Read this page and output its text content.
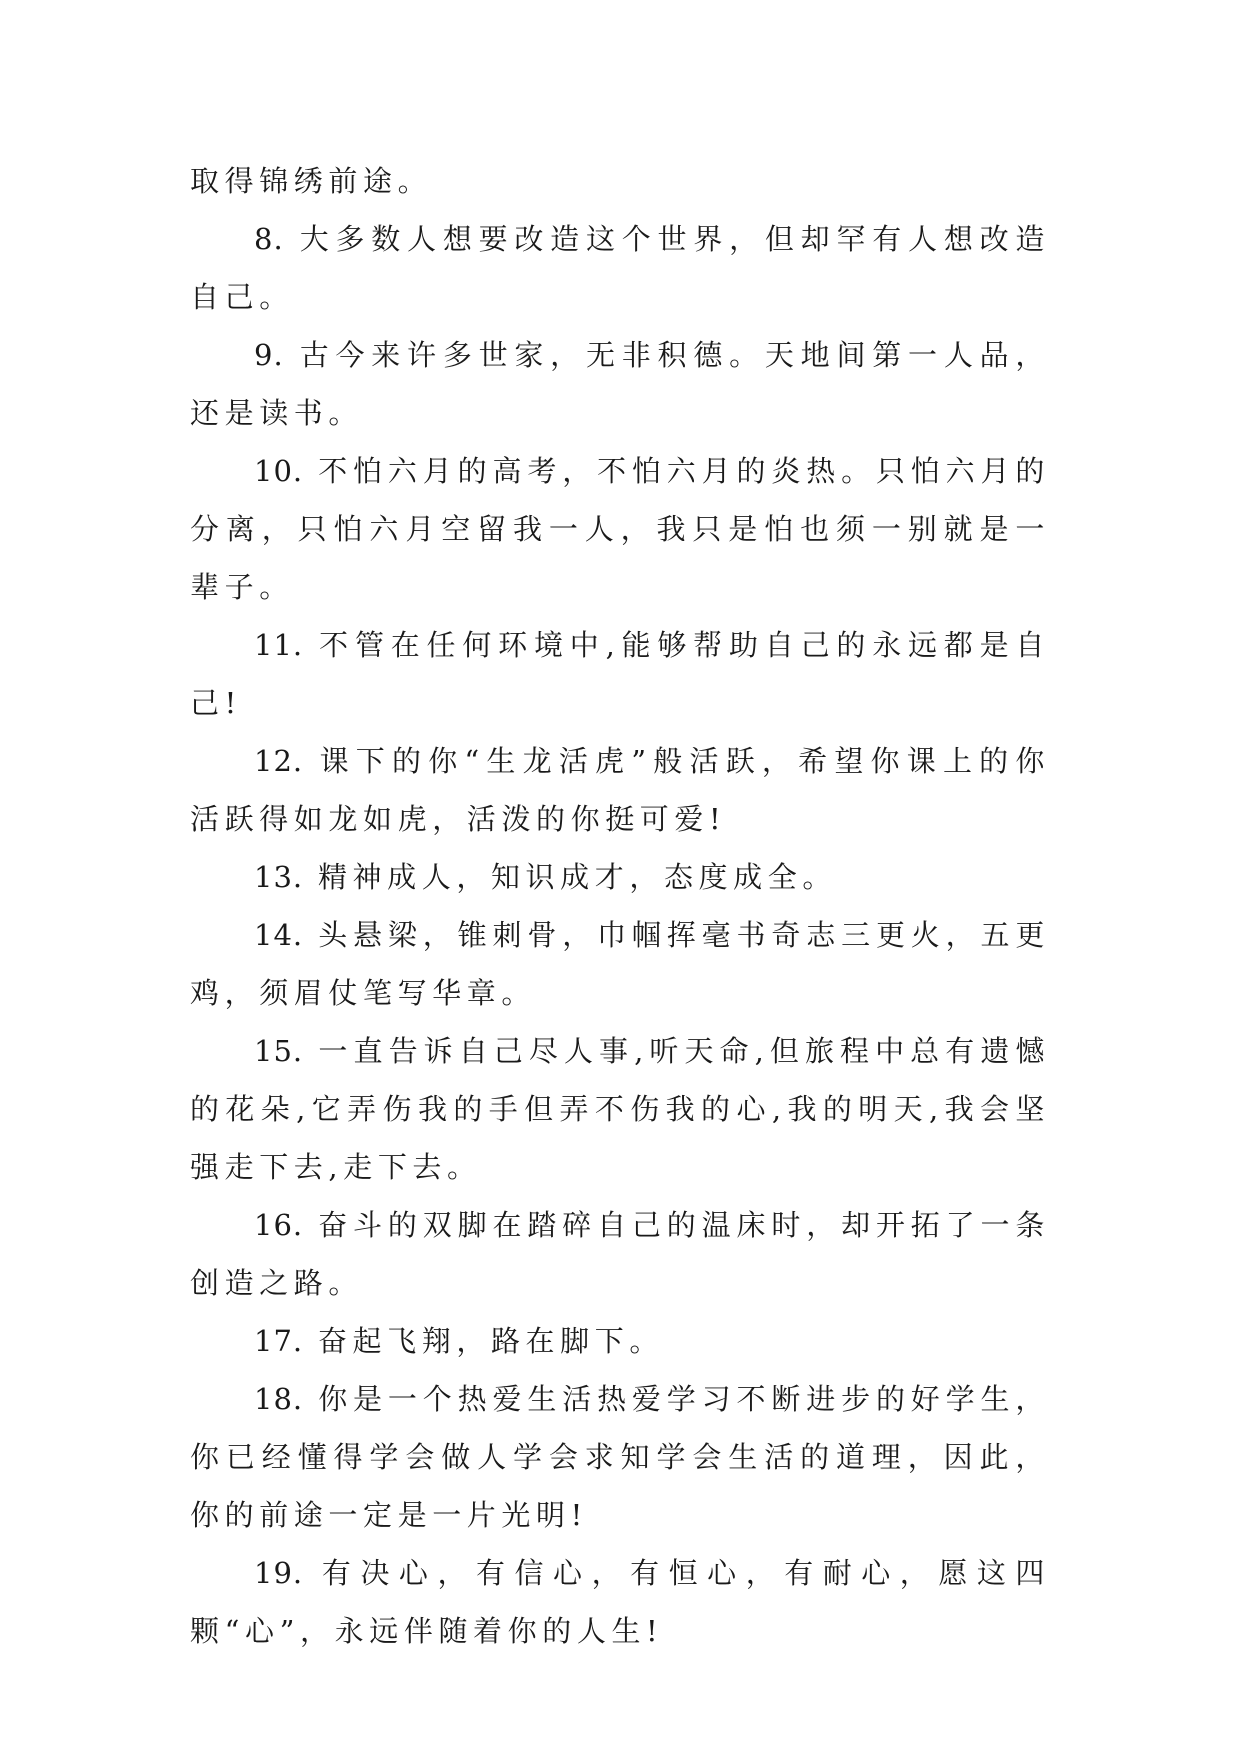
取得锦绣前途。

8. 大多数人想要改造这个世界，但却罕有人想改造自己。

9. 古今来许多世家，无非积德。天地间第一人品，还是读书。

10. 不怕六月的高考，不怕六月的炎热。只怕六月的分离，只怕六月空留我一人，我只是怕也须一别就是一辈子。

11. 不管在任何环境中,能够帮助自己的永远都是自己!

12. 课下的你“生龙活虎”般活跃，希望你课上的你活跃得如龙如虎，活泼的你挺可爱!

13. 精神成人，知识成才，态度成全。

14. 头悬梁，锥刺骨，巾帼挥毫书奇志三更火，五更鸡，须眉仗笔写华章。

15. 一直告诉自己尽人事,听天命,但旅程中总有遗憾的花朵,它弄伤我的手但弄不伤我的心,我的明天,我会坚强走下去,走下去。

16. 奋斗的双脚在踏碎自己的温床时，却开拓了一条创造之路。

17. 奋起飞翔，路在脚下。

18. 你是一个热爱生活热爱学习不断进步的好学生，你已经懂得学会做人学会求知学会生活的道理，因此，你的前途一定是一片光明!

19. 有决心，有信心，有恒心，有耐心，愿这四颗“心”，永远伴随着你的人生!
